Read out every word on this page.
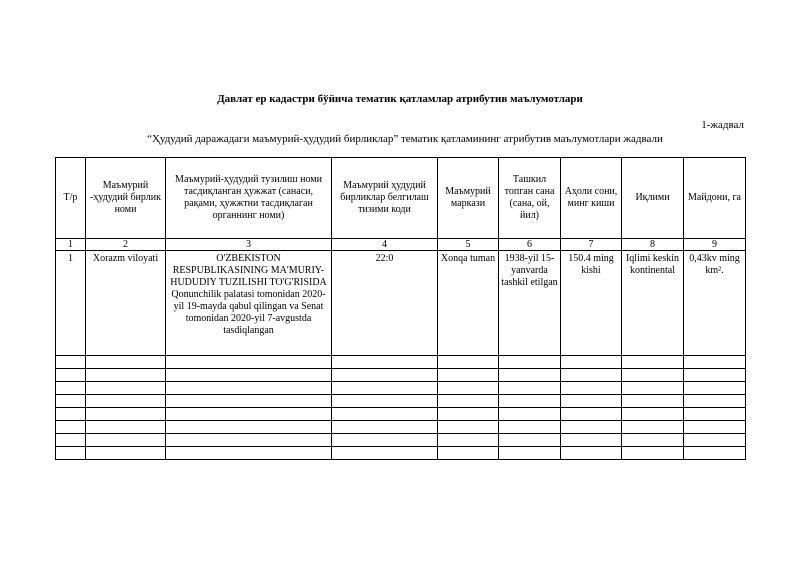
Давлат ер кадастри бўйича тематик қатламлар атрибутив маълумотлари
1-жадвал
“Ҳудудий даражадаги маъмурий-ҳудудий бирликлар” тематик қатламининг атрибутив маълумотлари жадвали
Т/р	Маъмурий -ҳудудий бирлик номи	Маъмурий-ҳудудий тузилиш номи тасдиқланган ҳужжат (санаси, рақами, ҳужжтни тасдиқлаган органнинг номи)	Маъмурий ҳудудий бирликлар белгилаш тизими коди	Маъмурий маркази	Ташкил топган сана (сана, ой, йил)	Аҳоли сони, минг киши	Иқлими	Майдони, га
1	2	3	4	5	6	7	8	9
1	Xorazm viloyati	O'ZBEKISTON RESPUBLIKASINING MA'MURIY-HUDUDIY TUZILISHI TO'G'RISIDA
Qonunchilik palatasi tomonidan 2020-yil 19-mayda qabul qilingan va Senat tomonidan 2020-yil 7-avgustda tasdiqlangan	22:0	Xonqa tuman	1938-yil 15-yanvarda tashkil etilgan	150.4 ming kishi	Iqlimi keskin kontinental	0,43kv ming km².
